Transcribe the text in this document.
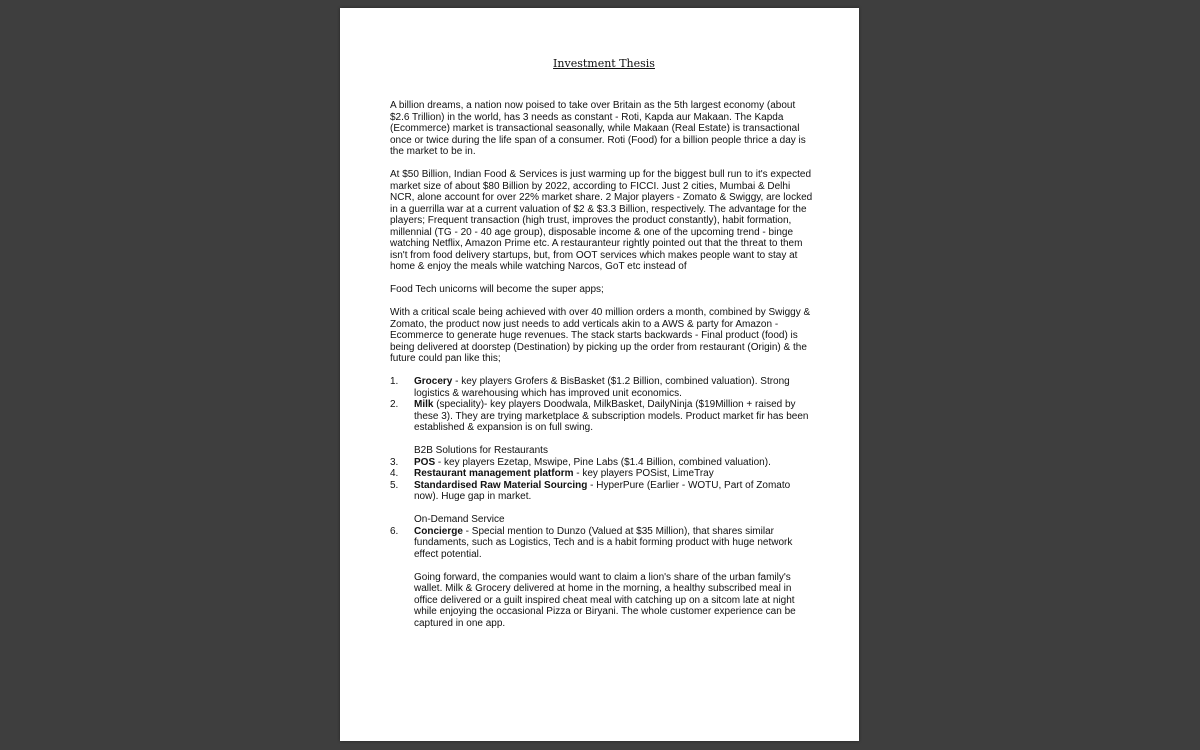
Investment Thesis

A billion dreams, a nation now poised to take over Britain as the 5th largest economy (about $2.6 Trillion) in the world, has 3 needs as constant - Roti, Kapda aur Makaan. The Kapda (Ecommerce) market is transactional seasonally, while Makaan (Real Estate) is transactional once or twice during the life span of a consumer. Roti (Food) for a billion people thrice a day is the market to be in.

At $50 Billion, Indian Food & Services is just warming up for the biggest bull run to it's expected market size of about $80 Billion by 2022, according to FICCI. Just 2 cities, Mumbai & Delhi NCR, alone account for over 22% market share. 2 Major players - Zomato & Swiggy, are locked in a guerrilla war at a current valuation of $2 & $3.3 Billion, respectively. The advantage for the players; Frequent transaction (high trust, improves the product constantly), habit formation, millennial (TG - 20 - 40 age group), disposable income & one of the upcoming trend - binge watching Netflix, Amazon Prime etc. A restauranteur rightly pointed out that the threat to them isn't from food delivery startups, but, from OOT services which makes people want to stay at home & enjoy the meals while watching Narcos, GoT etc instead of

Food Tech unicorns will become the super apps;

With a critical scale being achieved with over 40 million orders a month, combined by Swiggy & Zomato, the product now just needs to add verticals akin to a AWS & party for Amazon - Ecommerce to generate huge revenues. The stack starts backwards - Final product (food) is being delivered at doorstep (Destination) by picking up the order from restaurant (Origin) & the future could pan like this;

1. Grocery - key players Grofers & BisBasket ($1.2 Billion, combined valuation). Strong logistics & warehousing which has improved unit economics.
2. Milk (speciality)- key players Doodwala, MilkBasket, DailyNinja ($19Million + raised by these 3). They are trying marketplace & subscription models. Product market fir has been established & expansion is on full swing.
B2B Solutions for Restaurants
3. POS - key players Ezetap, Mswipe, Pine Labs ($1.4 Billion, combined valuation).
4. Restaurant management platform - key players POSist, LimeTray
5. Standardised Raw Material Sourcing - HyperPure (Earlier - WOTU, Part of Zomato now). Huge gap in market.
On-Demand Service
6. Concierge - Special mention to Dunzo (Valued at $35 Million), that shares similar fundaments, such as Logistics, Tech and is a habit forming product with huge network effect potential.

Going forward, the companies would want to claim a lion's share of the urban family's wallet. Milk & Grocery delivered at home in the morning, a healthy subscribed meal in office delivered or a guilt inspired cheat meal with catching up on a sitcom late at night while enjoying the occasional Pizza or Biryani. The whole customer experience can be captured in one app.
